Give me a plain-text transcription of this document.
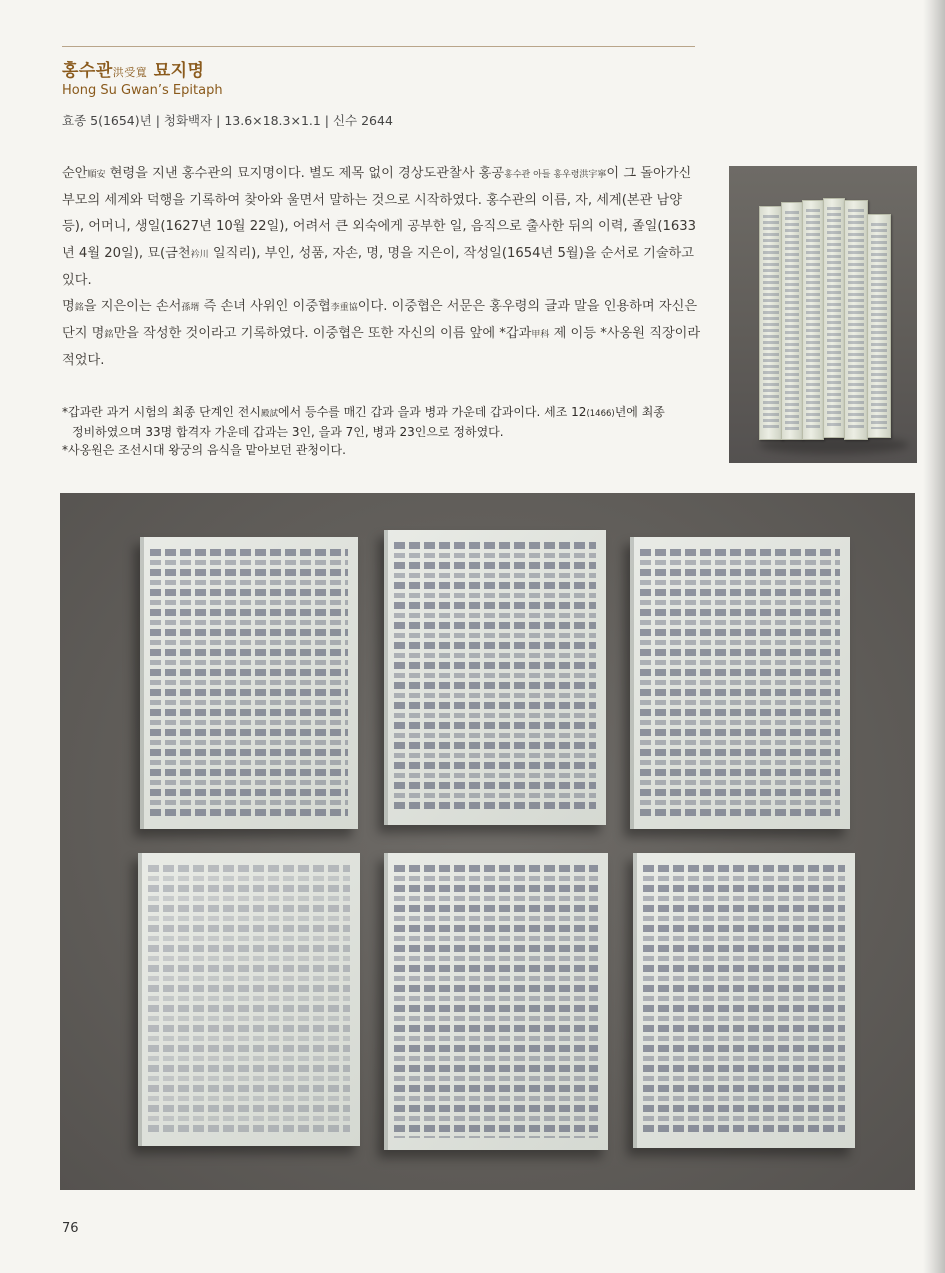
홍수관洪受寬 묘지명
Hong Su Gwan’s Epitaph
효종 5(1654)년 | 청화백자 | 13.6×18.3×1.1 | 신수 2644

순안順安 현령을 지낸 홍수관의 묘지명이다. 별도 제목 없이 경상도관찰사 홍공홍수관 아들 홍우령洪宇寧이 그 돌아가신 부모의 세계와 덕행을 기록하여 찾아와 울면서 말하는 것으로 시작하였다. 홍수관의 이름, 자, 세계(본관 남양 등), 어머니, 생일(1627년 10월 22일), 어려서 큰 외숙에게 공부한 일, 음직으로 출사한 뒤의 이력, 졸일(1633년 4월 20일), 묘(금천衿川 일직리), 부인, 성품, 자손, 명, 명을 지은이, 작성일(1654년 5월)을 순서로 기술하고 있다.

명銘을 지은이는 손서孫壻 즉 손녀 사위인 이중협李重協이다. 이중협은 서문은 홍우령의 글과 말을 인용하며 자신은 단지 명銘만을 작성한 것이라고 기록하였다. 이중협은 또한 자신의 이름 앞에 *갑과甲科 제 이등 *사옹원 직장이라 적었다.

*갑과란 과거 시험의 최종 단계인 전시殿試에서 등수를 매긴 갑과 을과 병과 가운데 갑과이다. 세조 12(1466)년에 최종

정비하였으며 33명 합격자 가운데 갑과는 3인, 을과 7인, 병과 23인으로 정하였다.

*사옹원은 조선시대 왕궁의 음식을 맡아보던 관청이다.

76
